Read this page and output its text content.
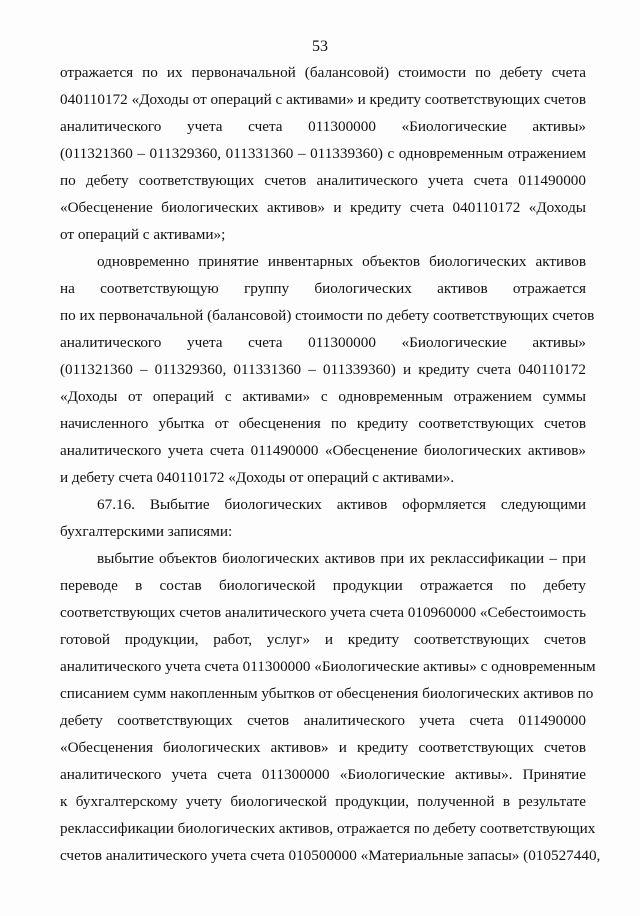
53
отражается по их первоначальной (балансовой) стоимости по дебету счета
040110172 «Доходы от операций с активами» и кредиту соответствующих счетов
аналитического учета счета 011300000 «Биологические активы»
(011321360 – 011329360, 011331360 – 011339360) с одновременным отражением
по дебету соответствующих счетов аналитического учета счета 011490000
«Обесценение биологических активов» и кредиту счета 040110172 «Доходы
от операций с активами»;
одновременно принятие инвентарных объектов биологических активов
на соответствующую группу биологических активов отражается
по их первоначальной (балансовой) стоимости по дебету соответствующих счетов
аналитического учета счета 011300000 «Биологические активы»
(011321360 – 011329360, 011331360 – 011339360) и кредиту счета 040110172
«Доходы от операций с активами» с одновременным отражением суммы
начисленного убытка от обесценения по кредиту соответствующих счетов
аналитического учета счета 011490000 «Обесценение биологических активов»
и дебету счета 040110172 «Доходы от операций с активами».
67.16. Выбытие биологических активов оформляется следующими
бухгалтерскими записями:
выбытие объектов биологических активов при их реклассификации – при
переводе в состав биологической продукции отражается по дебету
соответствующих счетов аналитического учета счета 010960000 «Себестоимость
готовой продукции, работ, услуг» и кредиту соответствующих счетов
аналитического учета счета 011300000 «Биологические активы» с одновременным
списанием сумм накопленным убытков от обесценения биологических активов по
дебету соответствующих счетов аналитического учета счета 011490000
«Обесценения биологических активов» и кредиту соответствующих счетов
аналитического учета счета 011300000 «Биологические активы». Принятие
к бухгалтерскому учету биологической продукции, полученной в результате
реклассификации биологических активов, отражается по дебету соответствующих
счетов аналитического учета счета 010500000 «Материальные запасы» (010527440,
